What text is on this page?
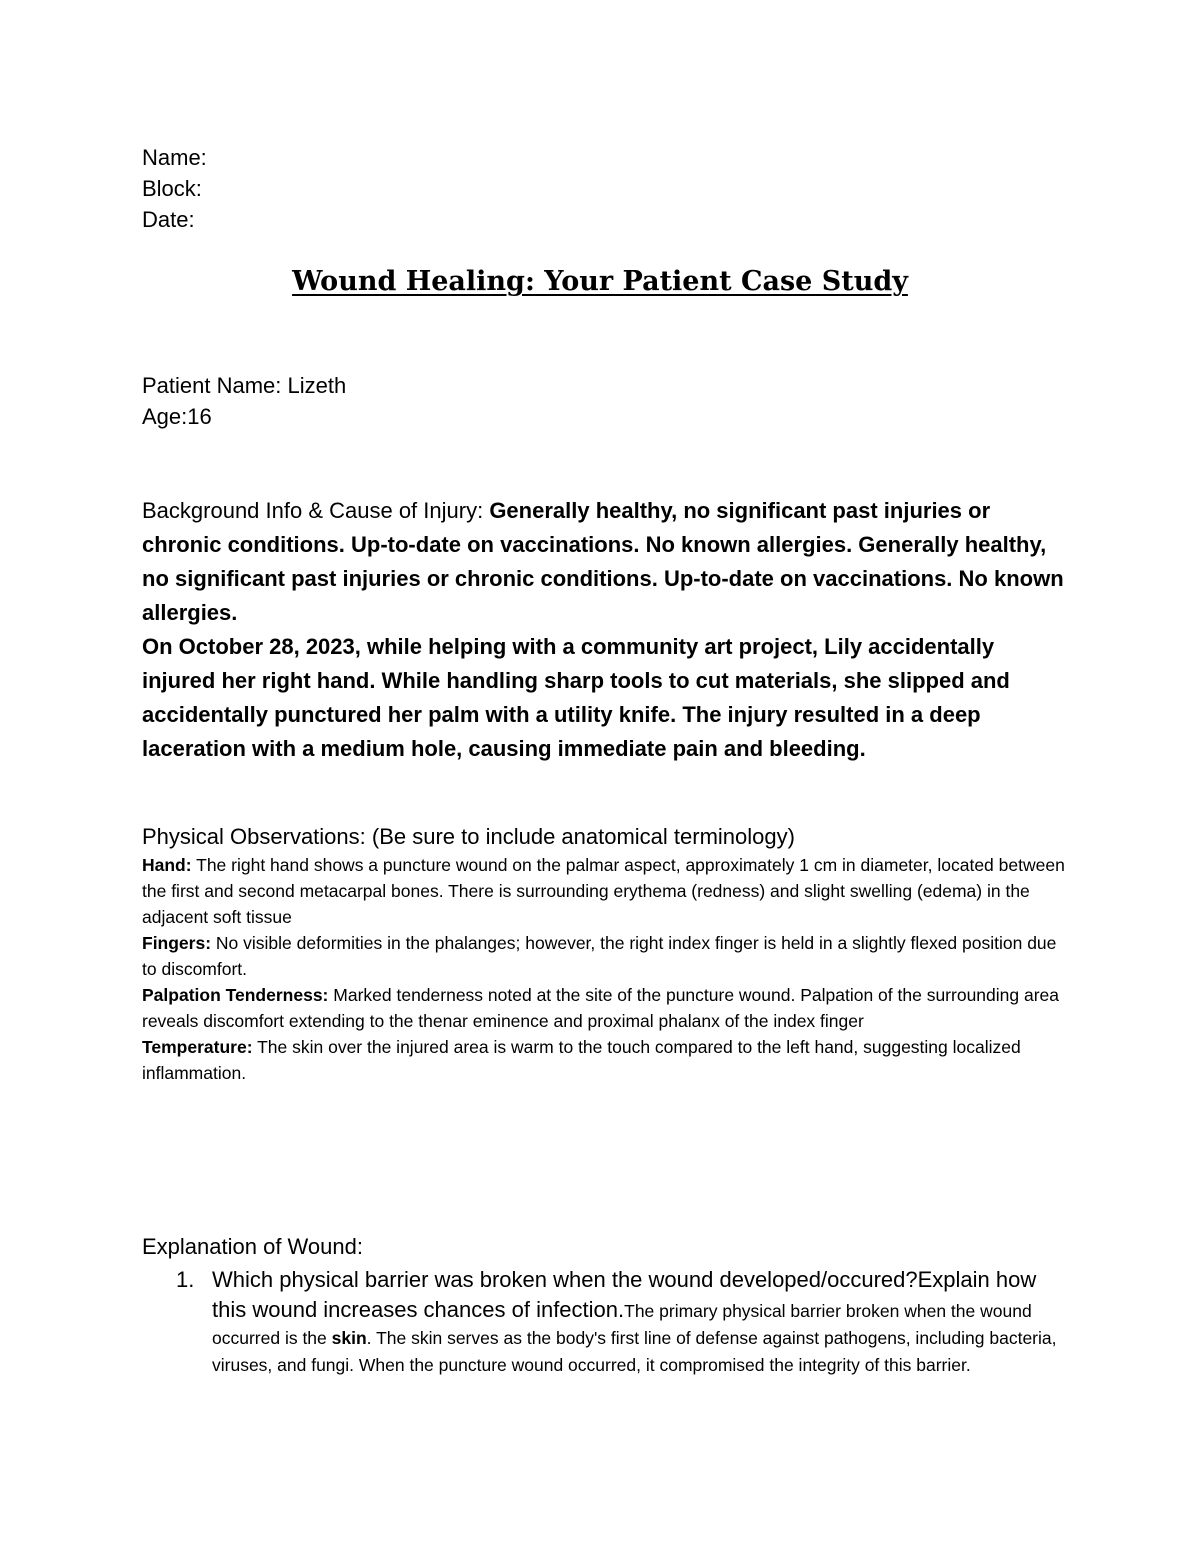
Name:
Block:
Date:
Wound Healing: Your Patient Case Study
Patient Name: Lizeth
Age:16
Background Info & Cause of Injury: Generally healthy, no significant past injuries or chronic conditions. Up-to-date on vaccinations. No known allergies. Generally healthy, no significant past injuries or chronic conditions. Up-to-date on vaccinations. No known allergies.
On October 28, 2023, while helping with a community art project, Lily accidentally injured her right hand. While handling sharp tools to cut materials, she slipped and accidentally punctured her palm with a utility knife. The injury resulted in a deep laceration with a medium hole, causing immediate pain and bleeding.
Physical Observations: (Be sure to include anatomical terminology)
Hand: The right hand shows a puncture wound on the palmar aspect, approximately 1 cm in diameter, located between the first and second metacarpal bones. There is surrounding erythema (redness) and slight swelling (edema) in the adjacent soft tissue
Fingers: No visible deformities in the phalanges; however, the right index finger is held in a slightly flexed position due to discomfort.
Palpation Tenderness: Marked tenderness noted at the site of the puncture wound. Palpation of the surrounding area reveals discomfort extending to the thenar eminence and proximal phalanx of the index finger
Temperature: The skin over the injured area is warm to the touch compared to the left hand, suggesting localized inflammation.
Explanation of Wound:
1. Which physical barrier was broken when the wound developed/occured?Explain how this wound increases chances of infection.The primary physical barrier broken when the wound occurred is the skin. The skin serves as the body's first line of defense against pathogens, including bacteria, viruses, and fungi. When the puncture wound occurred, it compromised the integrity of this barrier.
